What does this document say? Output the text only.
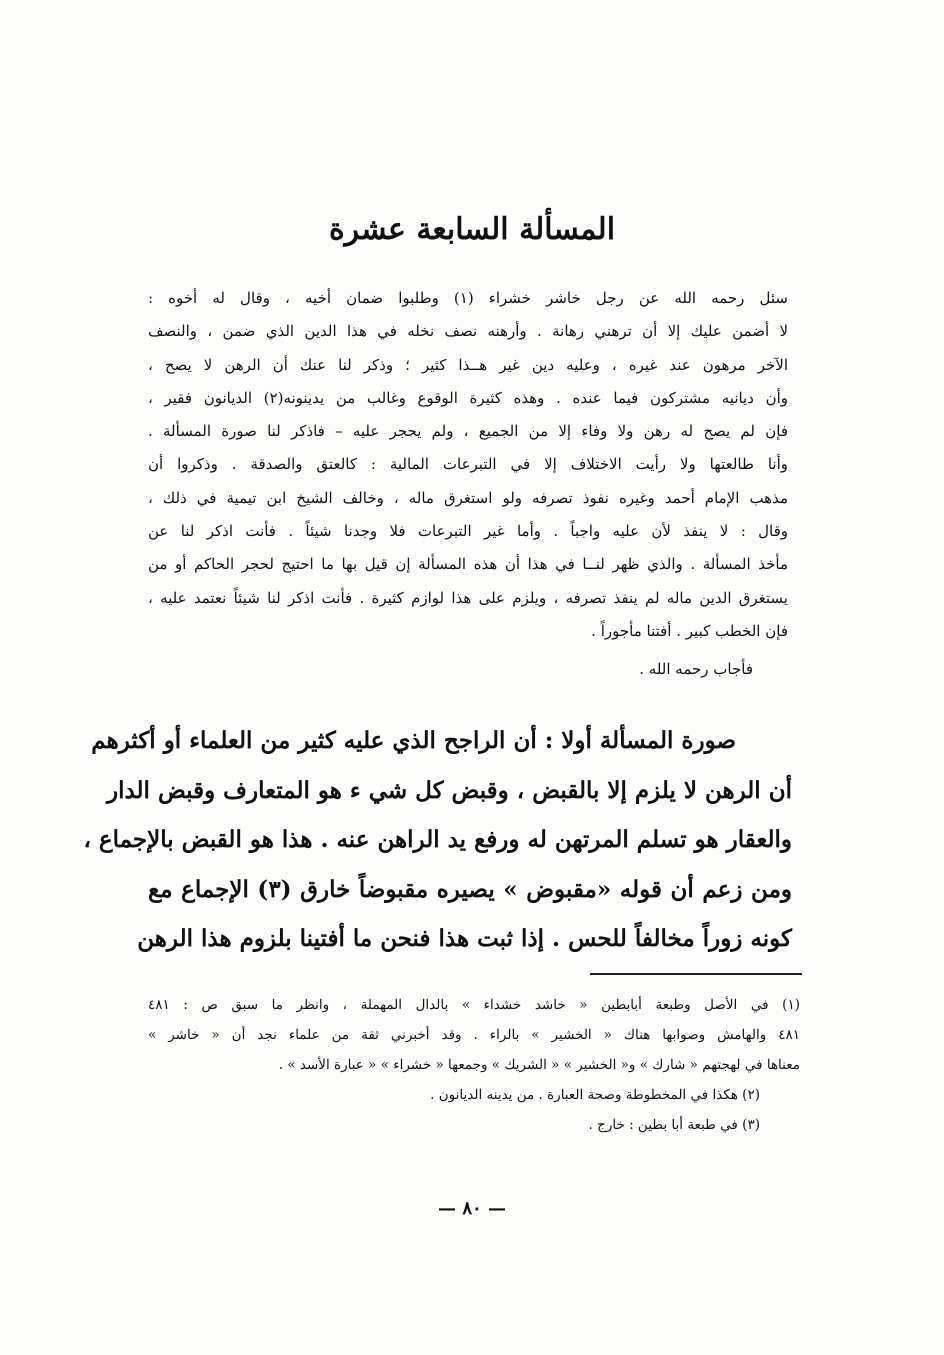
المسألة السابعة عشرة
سئل رحمه الله عن رجل خاشر خشراء (١) وطلبوا ضمان أخيه ، وقال له أخوه :
لا أضمن عليك إلا أن ترهني رهانة . وأرهنه نصف نخله في هذا الدين الذي ضمن ، والنصف
الآخر مرهون عند غيره ، وعليه دين غير هــذا كثير ؛ وذكر لنا عنك أن الرهن لا يصح ،
وأن ديانيه مشتركون فيما عنده . وهذه كثيرة الوقوع وغالب من يدينونه(٢) الديانون فقير ،
فإن لم يصح له رهن ولا وفاء إلا من الجميع ، ولم يحجر عليه – فاذكر لنا صورة المسألة .
وأنا طالعتها ولا رأيت الاختلاف إلا في التبرعات المالية : كالعتق والصدقة . وذكروا أن
مذهب الإمام أحمد وغيره نفوذ تصرفه ولو استغرق ماله ، وخالف الشيخ ابن تيمية في ذلك ،
وقال : لا ينفذ لأن عليه واجباً . وأما غير التبرعات فلا وجدنا شيئاً . فأنت اذكر لنا عن
مأخذ المسألة . والذي ظهر لنــا في هذا أن هذه المسألة إن قيل بها ما احتيج لحجر الحاكم أو من
يستغرق الدين ماله لم ينفذ تصرفه ، ويلزم على هذا لوازم كثيرة . فأنت اذكر لنا شيئاً نعتمد عليه ،
فإن الخطب كبير . أفتنا مأجوراً .
فأجاب رحمه الله .
صورة المسألة أولا : أن الراجح الذي عليه كثير من العلماء أو أكثرهم
أن الرهن لا يلزم إلا بالقبض ، وقبض كل شي ء هو المتعارف وقبض الدار
والعقار هو تسلم المرتهن له ورفع يد الراهن عنه . هذا هو القبض بالإجماع ،
ومن زعم أن قوله «مقبوض » يصيره مقبوضاً خارق (٣) الإجماع مع
كونه زوراً مخالفاً للحس . إذا ثبت هذا فنحن ما أفتينا بلزوم هذا الرهن
(١) في الأصل وطبعة أبابطين « خاشد خشداء » بالدال المهملة ، وانظر ما سبق ص : ٤٨١
٤٨١ والهامش وصوابها هناك « الخشير » بالراء . وقد أخبرني ثقة من علماء نجد أن « خاشر »
معناها في لهجتهم « شارك » و« الخشير » « الشريك » وجمعها « خشراء » « عبارة الأسد » .
(٢) هكذا في المخطوطة وصحة العبارة . من يدينه الديانون .
(٣) في طبعة أبا بطين : خارج .
— ٨٠ —
